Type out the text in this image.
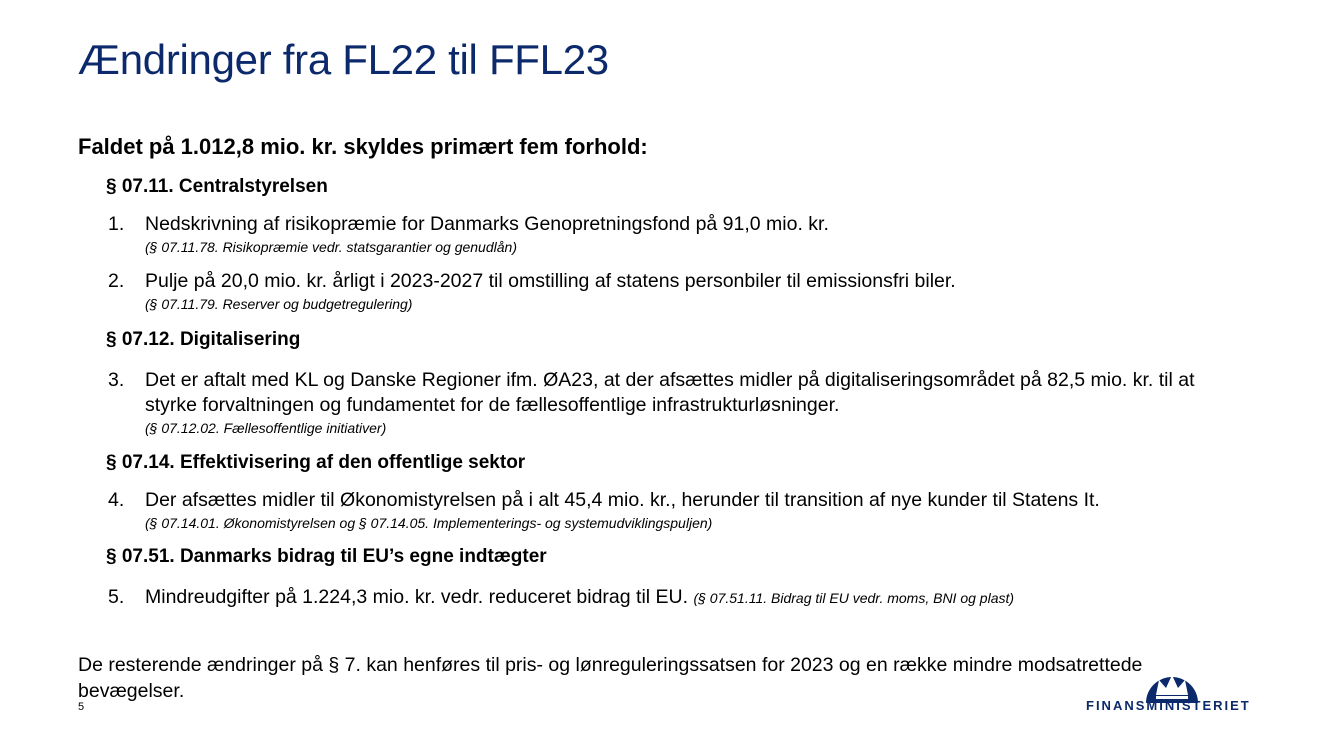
Ændringer fra FL22 til FFL23
Faldet på 1.012,8 mio. kr. skyldes primært fem forhold:
§ 07.11. Centralstyrelsen
1. Nedskrivning af risikopræmie for Danmarks Genopretningsfond på 91,0 mio. kr.
(§ 07.11.78. Risikopræmie vedr. statsgarantier og genudlån)
2. Pulje på 20,0 mio. kr. årligt i 2023-2027 til omstilling af statens personbiler til emissionsfri biler.
(§ 07.11.79. Reserver og budgetregulering)
§ 07.12. Digitalisering
3. Det er aftalt med KL og Danske Regioner ifm. ØA23, at der afsættes midler på digitaliseringsområdet på 82,5 mio. kr. til at styrke forvaltningen og fundamentet for de fællesoffentlige infrastrukturløsninger.
(§ 07.12.02. Fællesoffentlige initiativer)
§ 07.14. Effektivisering af den offentlige sektor
4. Der afsættes midler til Økonomistyrelsen på i alt 45,4 mio. kr., herunder til transition af nye kunder til Statens It.
(§ 07.14.01. Økonomistyrelsen og § 07.14.05. Implementerings- og systemudviklingspuljen)
§ 07.51. Danmarks bidrag til EU’s egne indtægter
5. Mindreudgifter på 1.224,3 mio. kr. vedr. reduceret bidrag til EU. (§ 07.51.11. Bidrag til EU vedr. moms, BNI og plast)
De resterende ændringer på § 7. kan henføres til pris- og lønreguleringssatsen for 2023 og en række mindre modsatrettede bevægelser.
5	FINANSMINISTERIET
